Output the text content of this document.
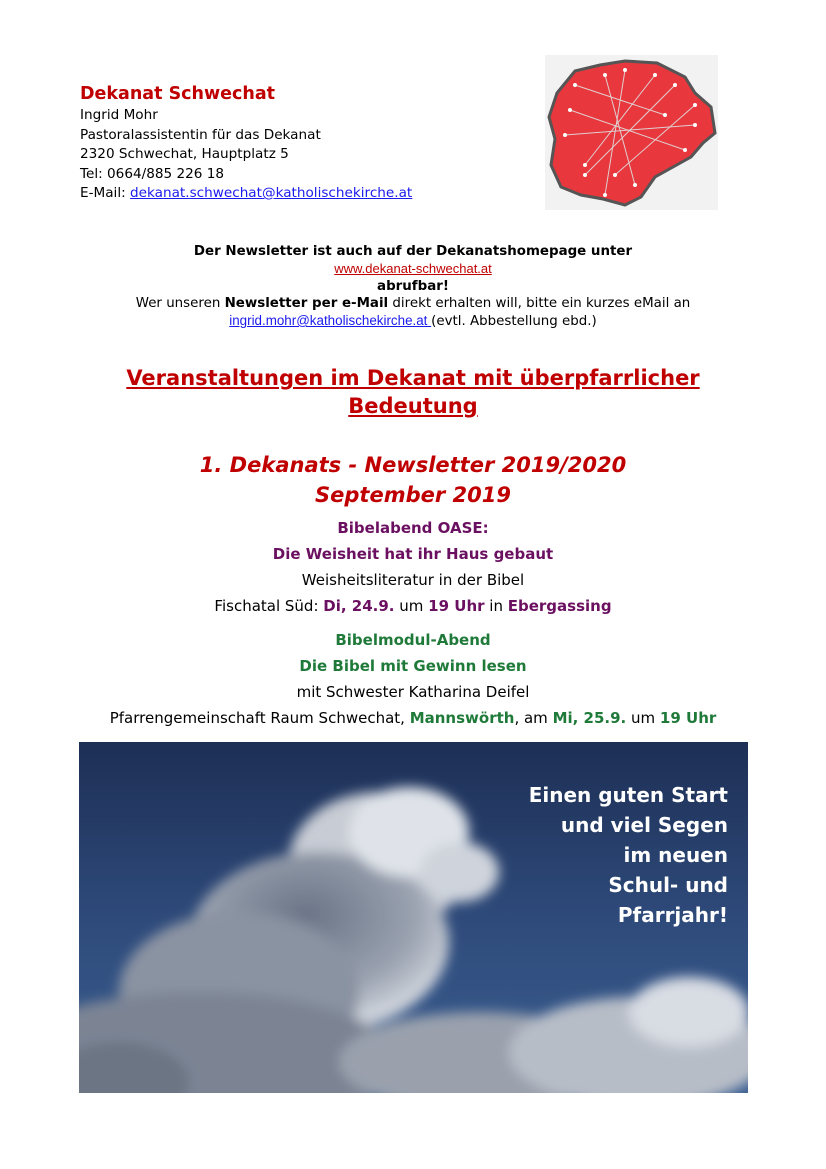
Dekanat Schwechat
Ingrid Mohr
Pastoralassistentin für das Dekanat
2320 Schwechat, Hauptplatz 5
Tel: 0664/885 226 18
E-Mail: dekanat.schwechat@katholischekirche.at
Der Newsletter ist auch auf der Dekanatshomepage unter
www.dekanat-schwechat.at
abrufbar!
Wer unseren Newsletter per e-Mail direkt erhalten will, bitte ein kurzes eMail an
ingrid.mohr@katholischekirche.at (evtl. Abbestellung ebd.)
Veranstaltungen im Dekanat mit überpfarrlicher
Bedeutung
1. Dekanats - Newsletter 2019/2020
September 2019
Bibelabend OASE:
Die Weisheit hat ihr Haus gebaut
Weisheitsliteratur in der Bibel
Fischatal Süd: Di, 24.9. um 19 Uhr in Ebergassing
Bibelmodul-Abend
Die Bibel mit Gewinn lesen
mit Schwester Katharina Deifel
Pfarrengemeinschaft Raum Schwechat, Mannswörth, am Mi, 25.9. um 19 Uhr
Einen guten Start
und viel Segen
im neuen
Schul- und
Pfarrjahr!
